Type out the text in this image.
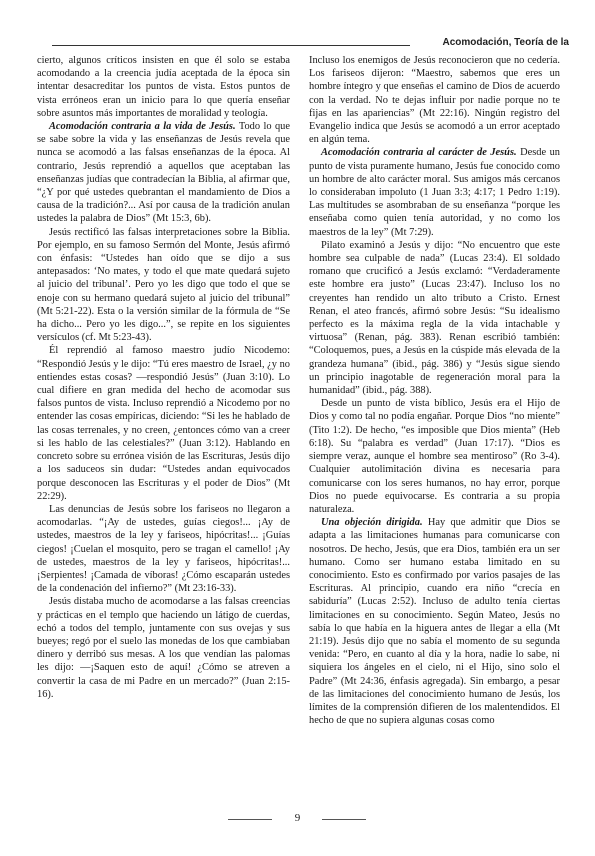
Acomodación, Teoría de la

cierto, algunos críticos insisten en que él solo se estaba acomodando a la creencia judía aceptada de la época sin intentar desacreditar los puntos de vista. Estos puntos de vista erróneos eran un inicio para lo que quería enseñar sobre asuntos más importantes de moralidad y teología.

Acomodación contraria a la vida de Jesús. Todo lo que se sabe sobre la vida y las enseñanzas de Jesús revela que nunca se acomodó a las falsas enseñanzas de la época. Al contrario, Jesús reprendió a aquellos que aceptaban las enseñanzas judías que contradecían la Biblia, al afirmar que, “¿Y por qué ustedes quebrantan el mandamiento de Dios a causa de la tradición?... Así por causa de la tradición anulan ustedes la palabra de Dios” (Mt 15:3, 6b).

Jesús rectificó las falsas interpretaciones sobre la Biblia. Por ejemplo, en su famoso Sermón del Monte, Jesús afirmó con énfasis: “Ustedes han oído que se dijo a sus antepasados: ‘No mates, y todo el que mate quedará sujeto al juicio del tribunal’. Pero yo les digo que todo el que se enoje con su hermano quedará sujeto al juicio del tribunal” (Mt 5:21-22). Esta o la versión similar de la fórmula de “Se ha dicho... Pero yo les digo...”, se repite en los siguientes versículos (cf. Mt 5:23-43).

Él reprendió al famoso maestro judío Nicodemo: “Respondió Jesús y le dijo: “Tú eres maestro de Israel, ¿y no entiendes estas cosas? —respondió Jesús” (Juan 3:10). Lo cual difiere en gran medida del hecho de acomodar sus falsos puntos de vista. Incluso reprendió a Nicodemo por no entender las cosas empíricas, diciendo: “Si les he hablado de las cosas terrenales, y no creen, ¿entonces cómo van a creer si les hablo de las celestiales?” (Juan 3:12). Hablando en concreto sobre su errónea visión de las Escrituras, Jesús dijo a los saduceos sin dudar: “Ustedes andan equivocados porque desconocen las Escrituras y el poder de Dios” (Mt 22:29).

Las denuncias de Jesús sobre los fariseos no llegaron a acomodarlas. “¡Ay de ustedes, guías ciegos!... ¡Ay de ustedes, maestros de la ley y fariseos, hipócritas!... ¡Guías ciegos! ¡Cuelan el mosquito, pero se tragan el camello! ¡Ay de ustedes, maestros de la ley y fariseos, hipócritas!... ¡Serpientes! ¡Camada de víboras! ¿Cómo escaparán ustedes de la condenación del infierno?” (Mt 23:16-33).

Jesús distaba mucho de acomodarse a las falsas creencias y prácticas en el templo que haciendo un látigo de cuerdas, echó a todos del templo, juntamente con sus ovejas y sus bueyes; regó por el suelo las monedas de los que cambiaban dinero y derribó sus mesas. A los que vendían las palomas les dijo: —¡Saquen esto de aquí! ¿Cómo se atreven a convertir la casa de mi Padre en un mercado?” (Juan 2:15-16).

Incluso los enemigos de Jesús reconocieron que no cedería. Los fariseos dijeron: “Maestro, sabemos que eres un hombre íntegro y que enseñas el camino de Dios de acuerdo con la verdad. No te dejas influir por nadie porque no te fijas en las apariencias” (Mt 22:16). Ningún registro del Evangelio indica que Jesús se acomodó a un error aceptado en algún tema.

Acomodación contraria al carácter de Jesús. Desde un punto de vista puramente humano, Jesús fue conocido como un hombre de alto carácter moral. Sus amigos más cercanos lo consideraban impoluto (1 Juan 3:3; 4:17; 1 Pedro 1:19). Las multitudes se asombraban de su enseñanza “porque les enseñaba como quien tenía autoridad, y no como los maestros de la ley” (Mt 7:29).

Pilato examinó a Jesús y dijo: “No encuentro que este hombre sea culpable de nada” (Lucas 23:4). El soldado romano que crucificó a Jesús exclamó: “Verdaderamente este hombre era justo” (Lucas 23:47). Incluso los no creyentes han rendido un alto tributo a Cristo. Ernest Renan, el ateo francés, afirmó sobre Jesús: “Su idealismo perfecto es la máxima regla de la vida intachable y virtuosa” (Renan, pág. 383). Renan escribió también: “Coloquemos, pues, a Jesús en la cúspide más elevada de la grandeza humana” (ibid., pág. 386) y “Jesús sigue siendo un principio inagotable de regeneración moral para la humanidad” (ibid., pág. 388).

Desde un punto de vista bíblico, Jesús era el Hijo de Dios y como tal no podía engañar. Porque Dios “no miente” (Tito 1:2). De hecho, “es imposible que Dios mienta” (Heb 6:18). Su “palabra es verdad” (Juan 17:17). “Dios es siempre veraz, aunque el hombre sea mentiroso” (Ro 3-4). Cualquier autolimitación divina es necesaria para comunicarse con los seres humanos, no hay error, porque Dios no puede equivocarse. Es contraria a su propia naturaleza.

Una objeción dirigida. Hay que admitir que Dios se adapta a las limitaciones humanas para comunicarse con nosotros. De hecho, Jesús, que era Dios, también era un ser humano. Como ser humano estaba limitado en su conocimiento. Esto es confirmado por varios pasajes de las Escrituras. Al principio, cuando era niño “crecía en sabiduría” (Lucas 2:52). Incluso de adulto tenía ciertas limitaciones en su conocimiento. Según Mateo, Jesús no sabía lo que había en la higuera antes de llegar a ella (Mt 21:19). Jesús dijo que no sabía el momento de su segunda venida: “Pero, en cuanto al día y la hora, nadie lo sabe, ni siquiera los ángeles en el cielo, ni el Hijo, sino solo el Padre” (Mt 24:36, énfasis agregada). Sin embargo, a pesar de las limitaciones del conocimiento humano de Jesús, los límites de la comprensión difieren de los malentendidos. El hecho de que no supiera algunas cosas como

9
